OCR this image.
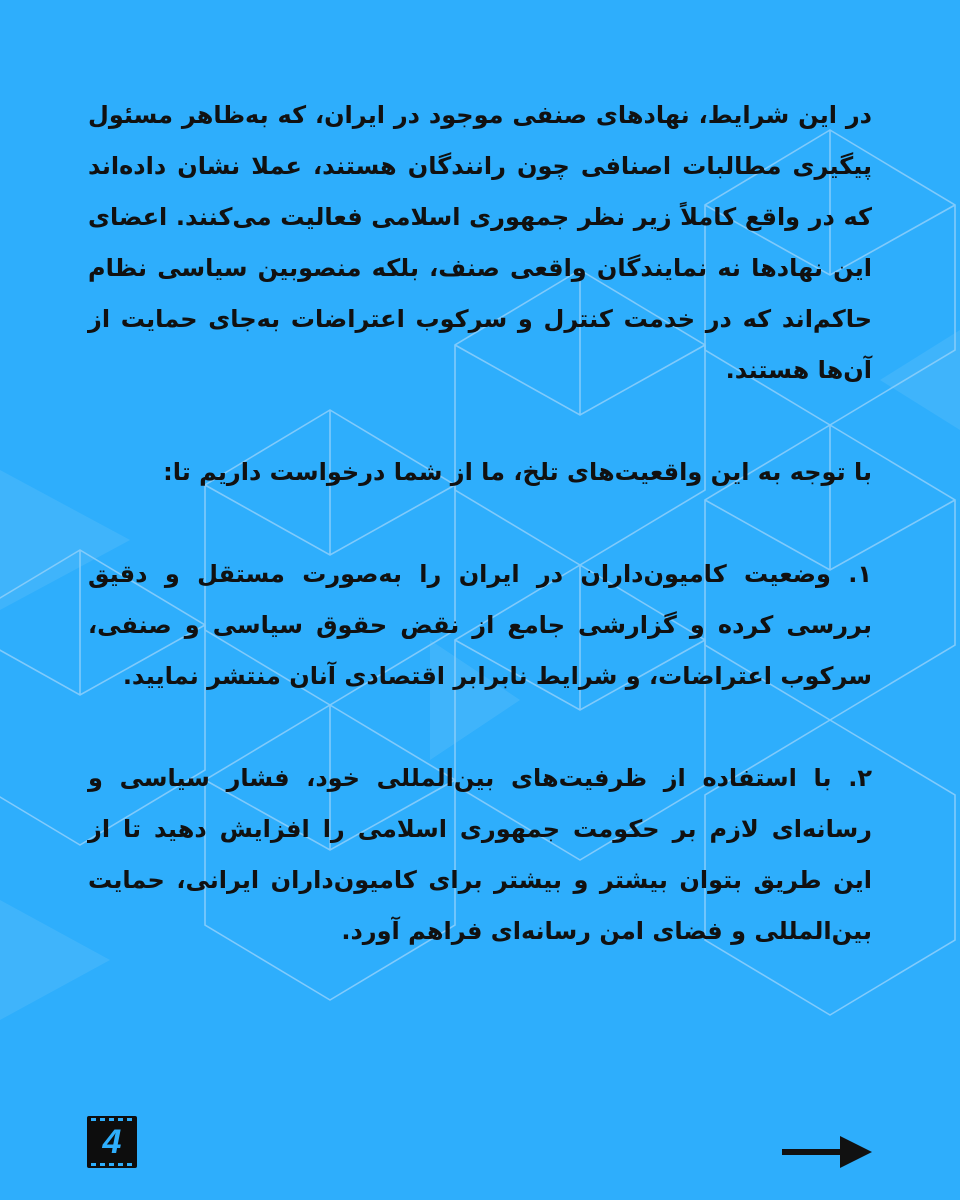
در این شرایط، نهادهای صنفی موجود در ایران، که به‌ظاهر مسئول پیگیری مطالبات اصنافی چون رانندگان هستند، عملا نشان داده‌اند که در واقع کاملاً زیر نظر جمهوری اسلامی فعالیت می‌کنند. اعضای این نهادها نه نمایندگان واقعی صنف، بلکه منصوبین سیاسی نظام حاکم‌اند که در خدمت کنترل و سرکوب اعتراضات به‌جای حمایت از آن‌ها هستند.

با توجه به این واقعیت‌های تلخ، ما از شما درخواست داریم تا:

۱. وضعیت کامیون‌داران در ایران را به‌صورت مستقل و دقیق بررسی کرده و گزارشی جامع از نقض حقوق سیاسی و صنفی، سرکوب اعتراضات، و شرایط نابرابر اقتصادی آنان منتشر نمایید.

۲. با استفاده از ظرفیت‌های بین‌المللی خود، فشار سیاسی و رسانه‌ای لازم بر حکومت جمهوری اسلامی را افزایش دهید تا از این طریق بتوان بیشتر و بیشتر برای کامیون‌داران ایرانی، حمایت بین‌المللی و فضای امن رسانه‌ای فراهم آورد.

4
